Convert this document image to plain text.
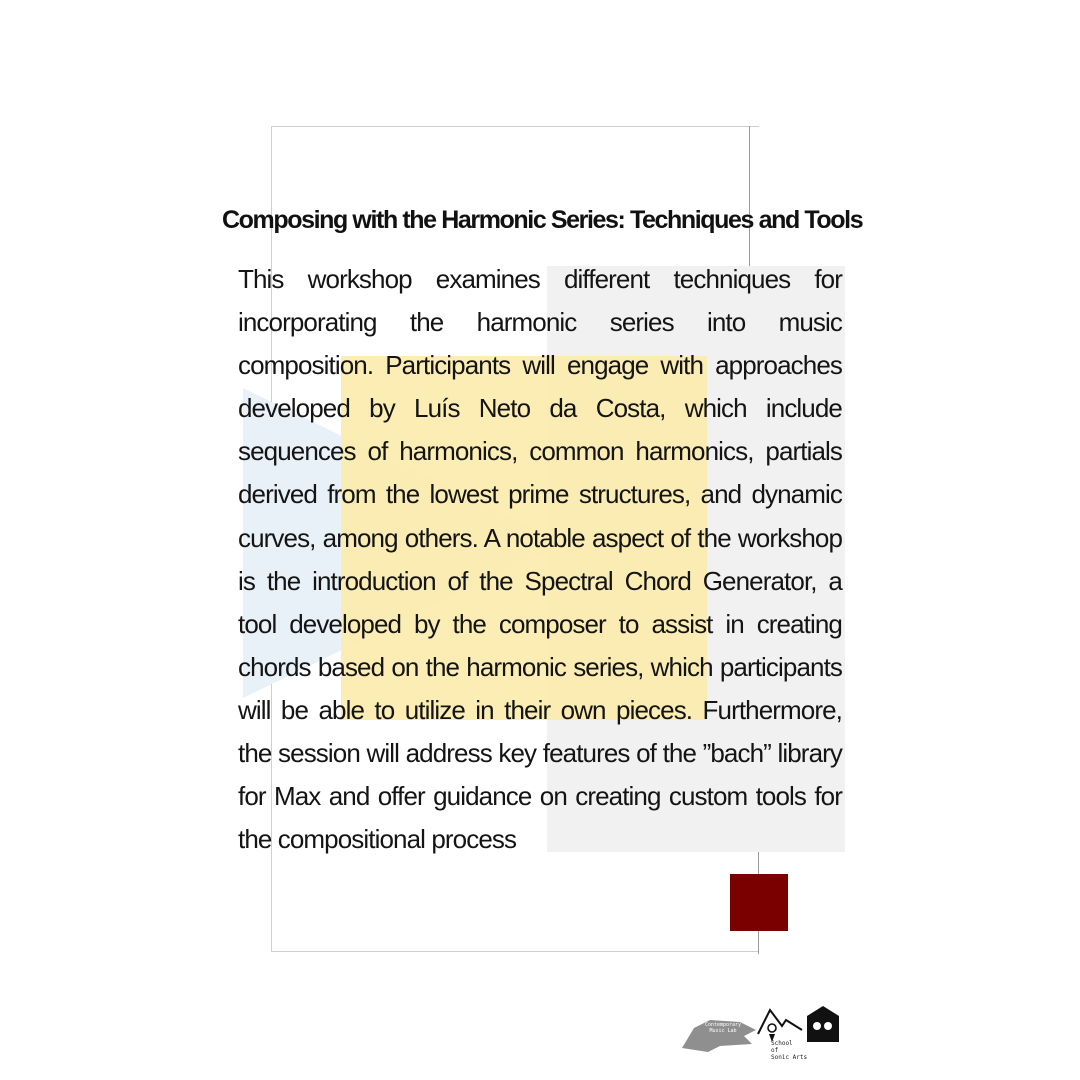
Composing with the Harmonic Series: Techniques and Tools

This workshop examines different techniques for incorporating the harmonic series into music composition. Participants will engage with approaches developed by Luís Neto da Costa, which include sequences of harmonics, common harmonics, partials derived from the lowest prime structures, and dynamic curves, among others. A notable aspect of the workshop is the introduction of the Spectral Chord Generator, a tool developed by the composer to assist in creating chords based on the harmonic series, which participants will be able to utilize in their own pieces. Furthermore, the session will address key features of the ”bach” library for Max and offer guidance on creating custom tools for the compositional process

Contemporary Music Lab
School
of
Sonic Arts
